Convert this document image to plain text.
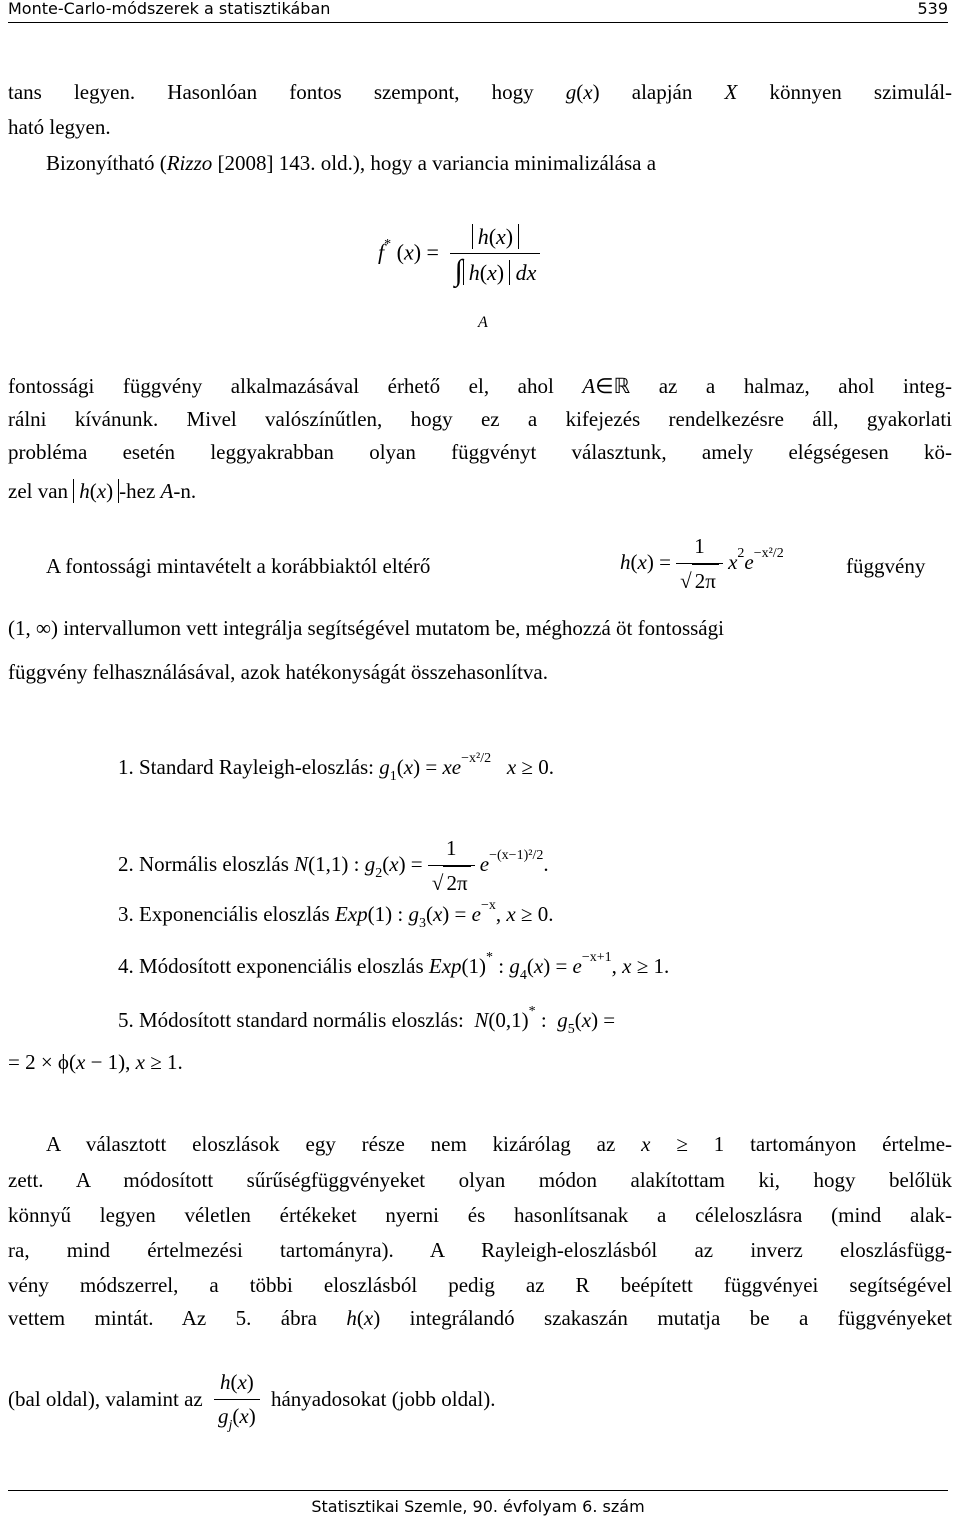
Monte-Carlo-módszerek a statisztikában	539
tans legyen. Hasonlóan fontos szempont, hogy g(x) alapján X könnyen szimulál-
ható legyen.
Bizonyítható (Rizzo [2008] 143. old.), hogy a variancia minimalizálása a
f* $(x) = \frac{h(x)}{\int h(x) dx}$
A
fontossági függvény alkalmazásával érhető el, ahol A∈ℝ az a halmaz, ahol integ-
rálni kívánunk. Mivel valószínűtlen, hogy ez a kifejezés rendelkezésre áll, gyakorlati
probléma esetén leggyakrabban olyan függvényt választunk, amely elégségesen kö-
zel van h(x) -hez A-n.
A fontossági mintavételt a korábbiaktól eltérő	$h(x) = \frac{1}{√ 2\pi} x^2e^{-x^2/2}$
függvény
(1, ∞) intervallumon vett integrálja segítségével mutatom be, méghozzá öt fontossági
függvény felhasználásával, azok hatékonyságát összehasonlítva.
1. Standard Rayleigh-eloszlás: $g_1(x) = xe^{-x^2/2}$ x ≥ 0.
2. Normális eloszlás N(1,1) : $g_2(x) = \frac{1}{√ 2\pi} e^{-(x-1)^2/2}$.
3. Exponenciális eloszlás Exp(1) : $g_3(x) = e^{-x}$, x ≥ 0.
4. Módosított exponenciális eloszlás Exp(1)* : $g_4(x) = e^{-x+1}$, x ≥ 1.
5. Módosított standard normális eloszlás: N(0,1)* :  $g_5(x)$ =
= 2 × ϕ(x − 1), x ≥ 1.
A választott eloszlások egy része nem kizárólag az x ≥ 1 tartományon értelme-
zett. A módosított sűrűségfüggvényeket olyan módon alakítottam ki, hogy belőlük
könnyű legyen véletlen értékeket nyerni és hasonlítsanak a céleloszlásra (mind alak-
ra, mind értelmezési tartományra). A Rayleigh-eloszlásból az inverz eloszlásfügg-
vény módszerrel, a többi eloszlásból pedig az R beépített függvényei segítségével
vettem mintát. Az 5. ábra h(x) integrálandó szakaszán mutatja be a függvényeket
(bal oldal), valamint az $\frac{h(x)}{g_j(x)}$ hányadosokat (jobb oldal).
Statisztikai Szemle, 90. évfolyam 6. szám
